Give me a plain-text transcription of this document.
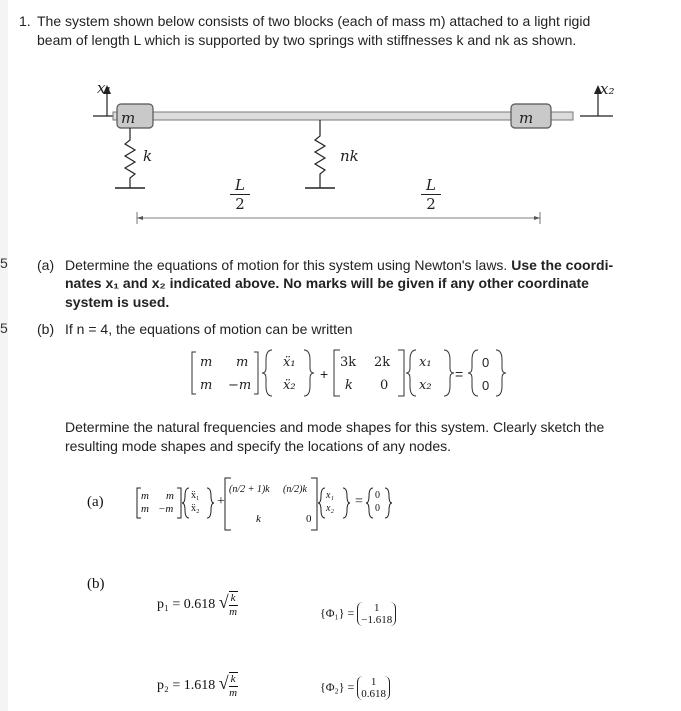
5
5
1. The system shown below consists of two blocks (each of mass m) attached to a light rigid
beam of length L which is supported by two springs with stiffnesses k and nk as shown.
x₁	x₂
m	m
k	nk
$\frac{L}{2}$	$\frac{L}{2}$
(a) Determine the equations of motion for this system using Newton's laws. Use the coordi-
nates x₁ and x₂ indicated above. No marks will be given if any other coordinate
system is used.
(b) If n = 4, the equations of motion can be written
m m
m −m
ẍ₁
ẍ₂
+
3k 2k
k 0
x₁
x₂
=
0
0
Determine the natural frequencies and mode shapes for this system. Clearly sketch the
resulting mode shapes and specify the locations of any nodes.
(a)	m m
m −m
ẍ₁
ẍ₂ +
(n/2 + 1)k (n/2)k
k	0
x₁
x₂ = 0
0
(b)
p₁ = 0.618 √ $\frac{k}{m}$	{Φ₁} =	1
−1.618
p₂ = 1.618 √ $\frac{k}{m}$	{Φ₂} =	1
0.618
